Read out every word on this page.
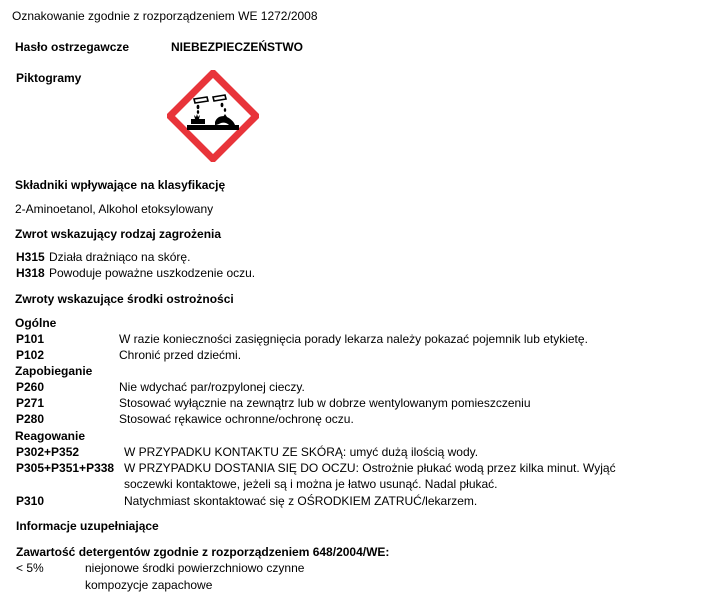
Oznakowanie zgodnie z rozporządzeniem WE 1272/2008
Hasło ostrzegawcze	NIEBEZPIECZEŃSTWO
Piktogramy
Składniki wpływające na klasyfikację
2-Aminoetanol, Alkohol etoksylowany
Zwrot wskazujący rodzaj zagrożenia
H315 Działa drażniąco na skórę.
H318 Powoduje poważne uszkodzenie oczu.
Zwroty wskazujące środki ostrożności
Ogólne
P101	W razie konieczności zasięgnięcia porady lekarza należy pokazać pojemnik lub etykietę.
P102	Chronić przed dziećmi.
Zapobieganie
P260	Nie wdychać par/rozpylonej cieczy.
P271	Stosować wyłącznie na zewnątrz lub w dobrze wentylowanym pomieszczeniu
P280	Stosować rękawice ochronne/ochronę oczu.
Reagowanie
P302+P352	W PRZYPADKU KONTAKTU ZE SKÓRĄ: umyć dużą ilością wody.
P305+P351+P338 W PRZYPADKU DOSTANIA SIĘ DO OCZU: Ostrożnie płukać wodą przez kilka minut. Wyjąć
soczewki kontaktowe, jeżeli są i można je łatwo usunąć. Nadal płukać.
P310	Natychmiast skontaktować się z OŚRODKIEM ZATRUĆ/lekarzem.
Informacje uzupełniające
Zawartość detergentów zgodnie z rozporządzeniem 648/2004/WE:
< 5%	niejonowe środki powierzchniowo czynne
kompozycje zapachowe
